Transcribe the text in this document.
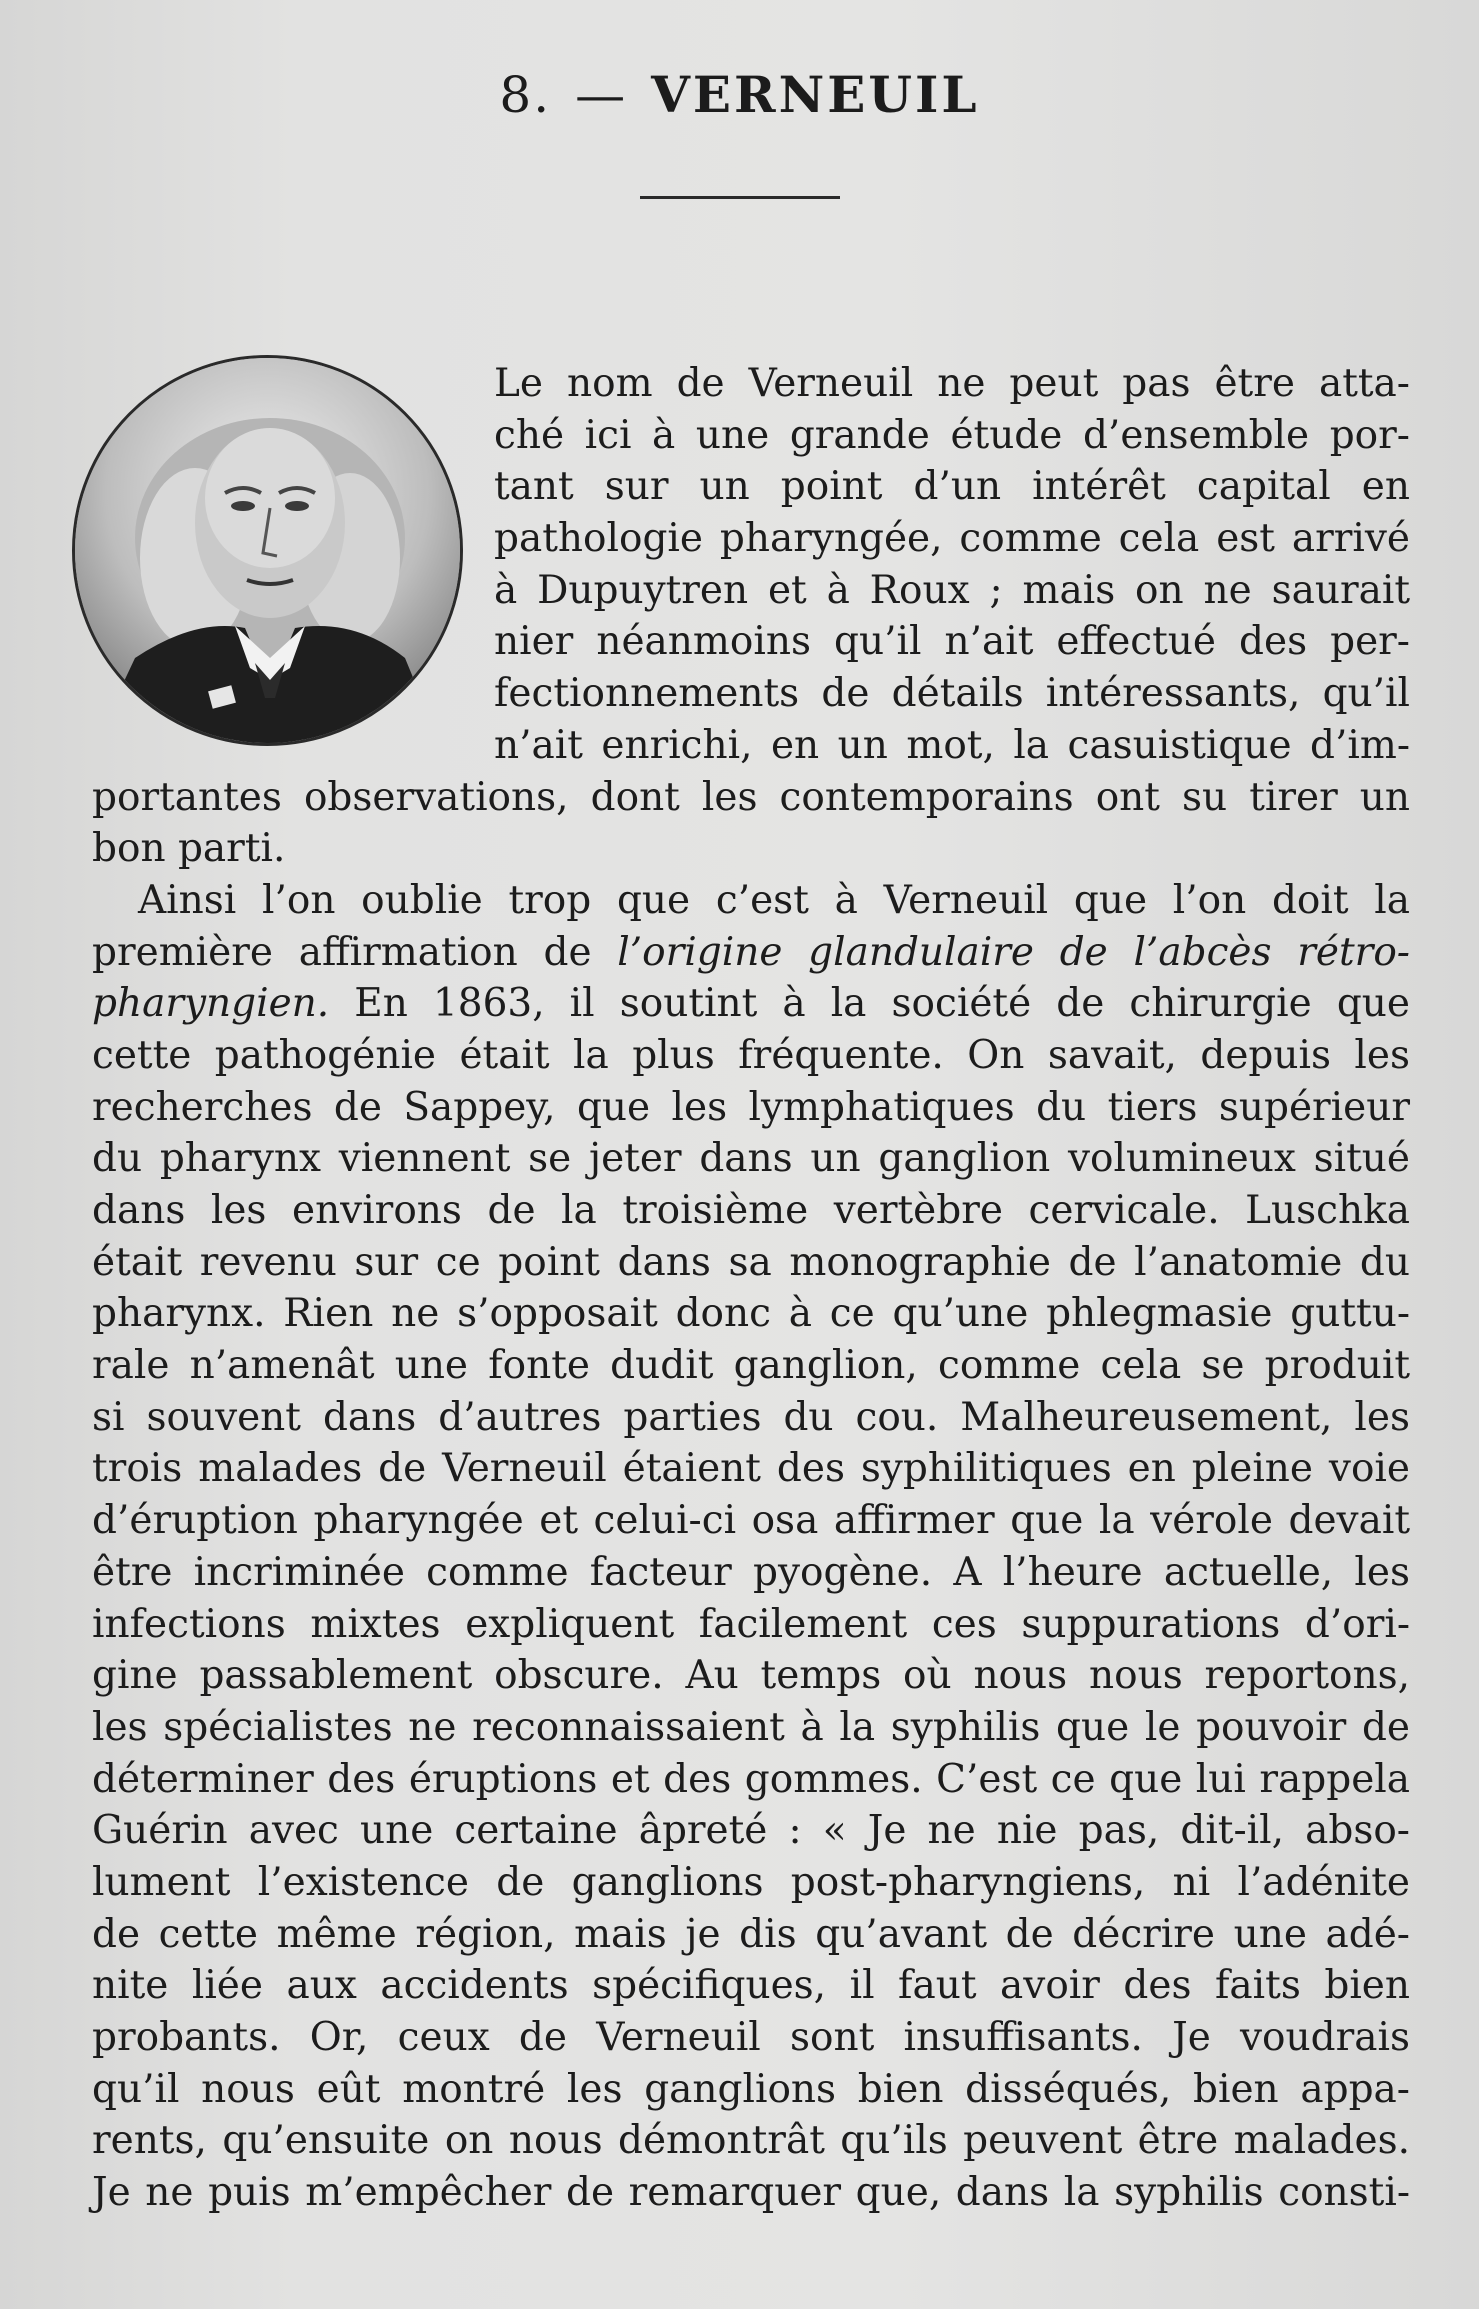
8. — VERNEUIL
Le nom de Verneuil ne peut pas être atta-
ché ici à une grande étude d’ensemble por-
tant sur un point d’un intérêt capital en
pathologie pharyngée, comme cela est arrivé
à Dupuytren et à Roux ; mais on ne saurait
nier néanmoins qu’il n’ait effectué des per-
fectionnements de détails intéressants, qu’il
n’ait enrichi, en un mot, la casuistique d’im-
portantes observations, dont les contemporains ont su tirer un
bon parti.
Ainsi l’on oublie trop que c’est à Verneuil que l’on doit la
première affirmation de l’origine glandulaire de l’abcès rétro-
pharyngien. En 1863, il soutint à la société de chirurgie que
cette pathogénie était la plus fréquente. On savait, depuis les
recherches de Sappey, que les lymphatiques du tiers supérieur
du pharynx viennent se jeter dans un ganglion volumineux situé
dans les environs de la troisième vertèbre cervicale. Luschka
était revenu sur ce point dans sa monographie de l’anatomie du
pharynx. Rien ne s’opposait donc à ce qu’une phlegmasie guttu-
rale n’amenât une fonte dudit ganglion, comme cela se produit
si souvent dans d’autres parties du cou. Malheureusement, les
trois malades de Verneuil étaient des syphilitiques en pleine voie
d’éruption pharyngée et celui-ci osa affirmer que la vérole devait
être incriminée comme facteur pyogène. A l’heure actuelle, les
infections mixtes expliquent facilement ces suppurations d’ori-
gine passablement obscure. Au temps où nous nous reportons,
les spécialistes ne reconnaissaient à la syphilis que le pouvoir de
déterminer des éruptions et des gommes. C’est ce que lui rappela
Guérin avec une certaine âpreté : « Je ne nie pas, dit-il, abso-
lument l’existence de ganglions post-pharyngiens, ni l’adénite
de cette même région, mais je dis qu’avant de décrire une adé-
nite liée aux accidents spécifiques, il faut avoir des faits bien
probants. Or, ceux de Verneuil sont insuffisants. Je voudrais
qu’il nous eût montré les ganglions bien disséqués, bien appa-
rents, qu’ensuite on nous démontrât qu’ils peuvent être malades.
Je ne puis m’empêcher de remarquer que, dans la syphilis consti-
